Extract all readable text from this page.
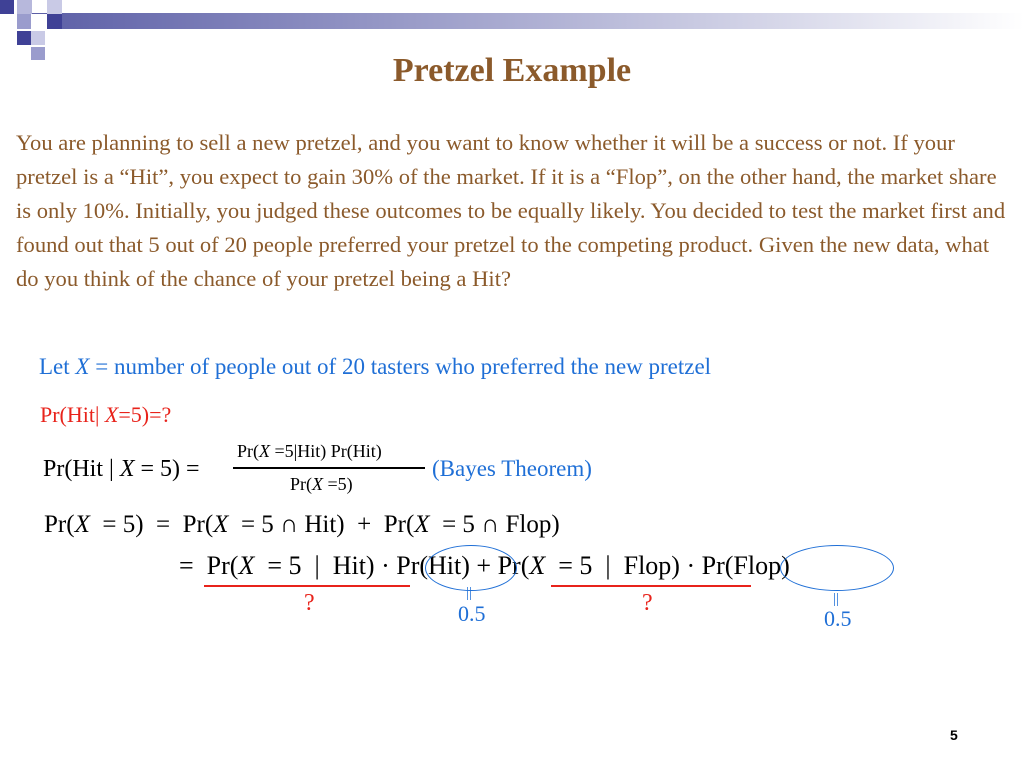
Pretzel Example
You are planning to sell a new pretzel, and you want to know whether it will be a success or not. If your pretzel is a “Hit”, you expect to gain 30% of the market. If it is a “Flop”, on the other hand, the market share is only 10%. Initially, you judged these outcomes to be equally likely. You decided to test the market first and found out that 5 out of 20 people preferred your pretzel to the competing product. Given the new data, what do you think of the chance of your pretzel being a Hit?
Let X = number of people out of 20 tasters who preferred the new pretzel
Pr(Hit| X=5)=?
Pr(Hit | X = 5) =
Pr(X =5|Hit) Pr(Hit)
Pr(X =5)
(Bayes Theorem)
Pr(X  = 5)  =  Pr(X  = 5 ∩ Hit)  +  Pr(X  = 5 ∩ Flop)
=  Pr(X  = 5  |  Hit) · Pr(Hit) + Pr(X  = 5  |  Flop) · Pr(Flop)
?	||
0.5	?	||
0.5
5
